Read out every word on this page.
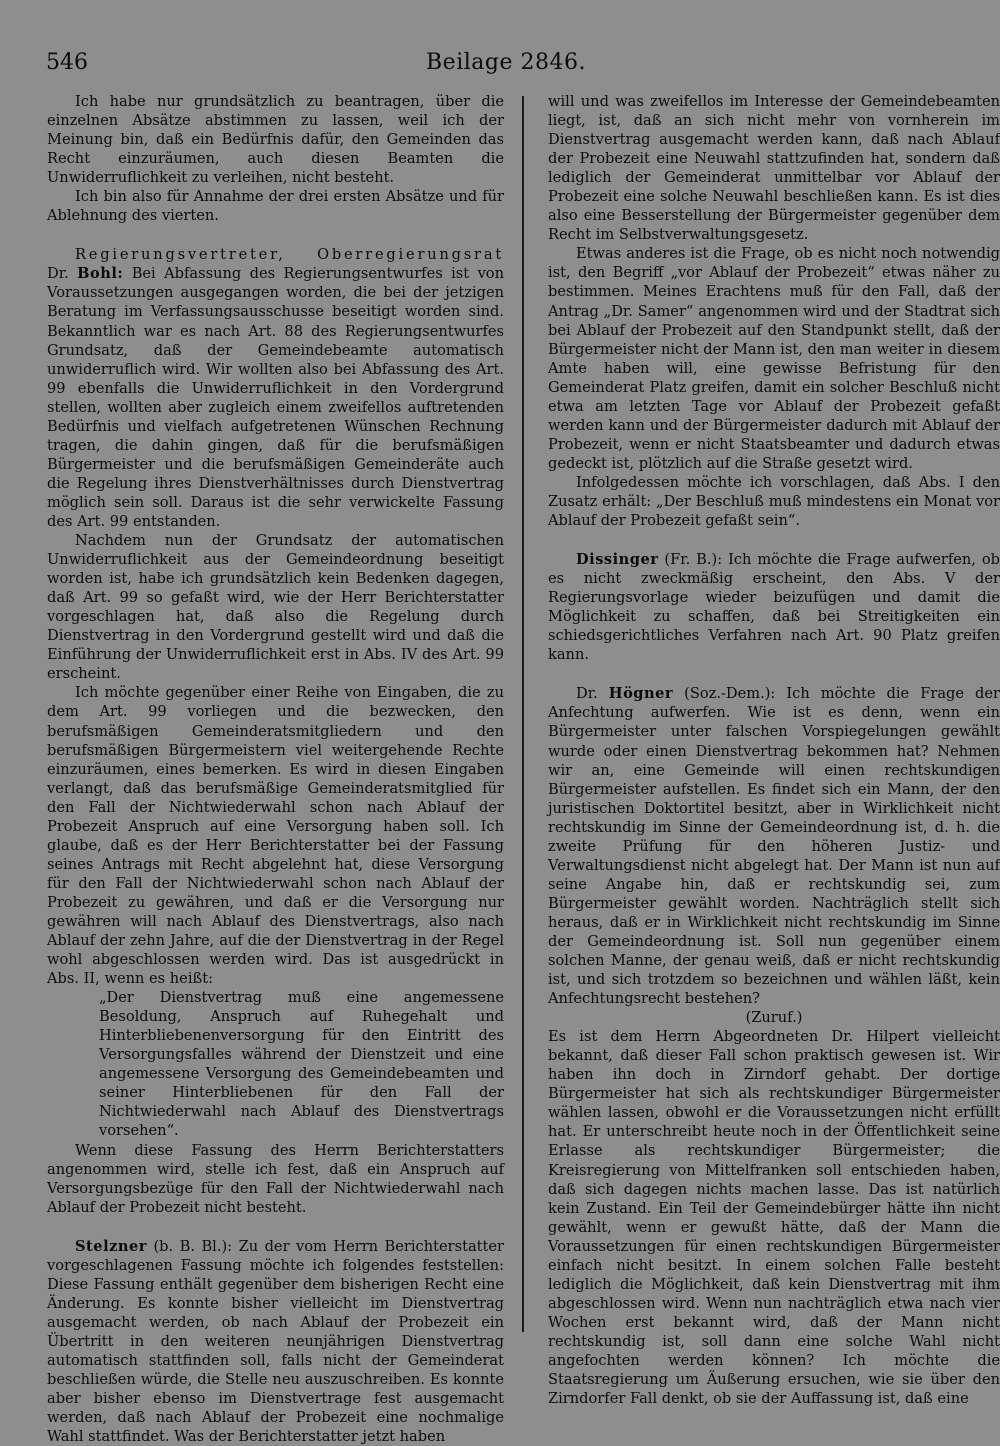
546	Beilage 2846.

Ich habe nur grundsätzlich zu beantragen, über die einzelnen Absätze abstimmen zu lassen, weil ich der Meinung bin, daß ein Bedürfnis dafür, den Gemeinden das Recht einzuräumen, auch diesen Beamten die Unwiderruflichkeit zu verleihen, nicht besteht.

Ich bin also für Annahme der drei ersten Absätze und für Ablehnung des vierten.

Regierungsvertreter, Oberregierungsrat Dr. Bohl: Bei Abfassung des Regierungsentwurfes ist von Voraussetzungen ausgegangen worden, die bei der jetzigen Beratung im Verfassungsausschusse beseitigt worden sind. Bekanntlich war es nach Art. 88 des Regierungsentwurfes Grundsatz, daß der Gemeindebeamte automatisch unwiderruflich wird. Wir wollten also bei Abfassung des Art. 99 ebenfalls die Unwiderruflichkeit in den Vordergrund stellen, wollten aber zugleich einem zweifellos auftretenden Bedürfnis und vielfach aufgetretenen Wünschen Rechnung tragen, die dahin gingen, daß für die berufsmäßigen Bürgermeister und die berufsmäßigen Gemeinderäte auch die Regelung ihres Dienstverhältnisses durch Dienstvertrag möglich sein soll. Daraus ist die sehr verwickelte Fassung des Art. 99 entstanden.

Nachdem nun der Grundsatz der automatischen Unwiderruflichkeit aus der Gemeindeordnung beseitigt worden ist, habe ich grundsätzlich kein Bedenken dagegen, daß Art. 99 so gefaßt wird, wie der Herr Berichterstatter vorgeschlagen hat, daß also die Regelung durch Dienstvertrag in den Vordergrund gestellt wird und daß die Einführung der Unwiderruflichkeit erst in Abs. IV des Art. 99 erscheint.

Ich möchte gegenüber einer Reihe von Eingaben, die zu dem Art. 99 vorliegen und die bezwecken, den berufsmäßigen Gemeinderatsmitgliedern und den berufsmäßigen Bürgermeistern viel weitergehende Rechte einzuräumen, eines bemerken. Es wird in diesen Eingaben verlangt, daß das berufsmäßige Gemeinderatsmitglied für den Fall der Nichtwiederwahl schon nach Ablauf der Probezeit Anspruch auf eine Versorgung haben soll. Ich glaube, daß es der Herr Berichterstatter bei der Fassung seines Antrags mit Recht abgelehnt hat, diese Versorgung für den Fall der Nichtwiederwahl schon nach Ablauf der Probezeit zu gewähren, und daß er die Versorgung nur gewähren will nach Ablauf des Dienstvertrags, also nach Ablauf der zehn Jahre, auf die der Dienstvertrag in der Regel wohl abgeschlossen werden wird. Das ist ausgedrückt in Abs. II, wenn es heißt:

„Der Dienstvertrag muß eine angemessene Besoldung, Anspruch auf Ruhegehalt und Hinterbliebenenversorgung für den Eintritt des Versorgungsfalles während der Dienstzeit und eine angemessene Versorgung des Gemeindebeamten und seiner Hinterbliebenen für den Fall der Nichtwiederwahl nach Ablauf des Dienstvertrags vorsehen“.

Wenn diese Fassung des Herrn Berichterstatters angenommen wird, stelle ich fest, daß ein Anspruch auf Versorgungsbezüge für den Fall der Nichtwiederwahl nach Ablauf der Probezeit nicht besteht.

Stelzner (b. B. Bl.): Zu der vom Herrn Berichterstatter vorgeschlagenen Fassung möchte ich folgendes feststellen: Diese Fassung enthält gegenüber dem bisherigen Recht eine Änderung. Es konnte bisher vielleicht im Dienstvertrag ausgemacht werden, ob nach Ablauf der Probezeit ein Übertritt in den weiteren neunjährigen Dienstvertrag automatisch stattfinden soll, falls nicht der Gemeinderat beschließen würde, die Stelle neu auszuschreiben. Es konnte aber bisher ebenso im Dienstvertrage fest ausgemacht werden, daß nach Ablauf der Probezeit eine nochmalige Wahl stattfindet. Was der Berichterstatter jetzt haben

will und was zweifellos im Interesse der Gemeindebeamten liegt, ist, daß an sich nicht mehr von vornherein im Dienstvertrag ausgemacht werden kann, daß nach Ablauf der Probezeit eine Neuwahl stattzufinden hat, sondern daß lediglich der Gemeinderat unmittelbar vor Ablauf der Probezeit eine solche Neuwahl beschließen kann. Es ist dies also eine Besserstellung der Bürgermeister gegenüber dem Recht im Selbstverwaltungsgesetz.

Etwas anderes ist die Frage, ob es nicht noch notwendig ist, den Begriff „vor Ablauf der Probezeit“ etwas näher zu bestimmen. Meines Erachtens muß für den Fall, daß der Antrag „Dr. Samer“ angenommen wird und der Stadtrat sich bei Ablauf der Probezeit auf den Standpunkt stellt, daß der Bürgermeister nicht der Mann ist, den man weiter in diesem Amte haben will, eine gewisse Befristung für den Gemeinderat Platz greifen, damit ein solcher Beschluß nicht etwa am letzten Tage vor Ablauf der Probezeit gefaßt werden kann und der Bürgermeister dadurch mit Ablauf der Probezeit, wenn er nicht Staatsbeamter und dadurch etwas gedeckt ist, plötzlich auf die Straße gesetzt wird.

Infolgedessen möchte ich vorschlagen, daß Abs. I den Zusatz erhält: „Der Beschluß muß mindestens ein Monat vor Ablauf der Probezeit gefaßt sein“.

Dissinger (Fr. B.): Ich möchte die Frage aufwerfen, ob es nicht zweckmäßig erscheint, den Abs. V der Regierungsvorlage wieder beizufügen und damit die Möglichkeit zu schaffen, daß bei Streitigkeiten ein schiedsgerichtliches Verfahren nach Art. 90 Platz greifen kann.

Dr. Högner (Soz.-Dem.): Ich möchte die Frage der Anfechtung aufwerfen. Wie ist es denn, wenn ein Bürgermeister unter falschen Vorspiegelungen gewählt wurde oder einen Dienstvertrag bekommen hat? Nehmen wir an, eine Gemeinde will einen rechtskundigen Bürgermeister aufstellen. Es findet sich ein Mann, der den juristischen Doktortitel besitzt, aber in Wirklichkeit nicht rechtskundig im Sinne der Gemeindeordnung ist, d. h. die zweite Prüfung für den höheren Justiz- und Verwaltungsdienst nicht abgelegt hat. Der Mann ist nun auf seine Angabe hin, daß er rechtskundig sei, zum Bürgermeister gewählt worden. Nachträglich stellt sich heraus, daß er in Wirklichkeit nicht rechtskundig im Sinne der Gemeindeordnung ist. Soll nun gegenüber einem solchen Manne, der genau weiß, daß er nicht rechtskundig ist, und sich trotzdem so bezeichnen und wählen läßt, kein Anfechtungsrecht bestehen?

(Zuruf.)

Es ist dem Herrn Abgeordneten Dr. Hilpert vielleicht bekannt, daß dieser Fall schon praktisch gewesen ist. Wir haben ihn doch in Zirndorf gehabt. Der dortige Bürgermeister hat sich als rechtskundiger Bürgermeister wählen lassen, obwohl er die Voraussetzungen nicht erfüllt hat. Er unterschreibt heute noch in der Öffentlichkeit seine Erlasse als rechtskundiger Bürgermeister; die Kreisregierung von Mittelfranken soll entschieden haben, daß sich dagegen nichts machen lasse. Das ist natürlich kein Zustand. Ein Teil der Gemeindebürger hätte ihn nicht gewählt, wenn er gewußt hätte, daß der Mann die Voraussetzungen für einen rechtskundigen Bürgermeister einfach nicht besitzt. In einem solchen Falle besteht lediglich die Möglichkeit, daß kein Dienstvertrag mit ihm abgeschlossen wird. Wenn nun nachträglich etwa nach vier Wochen erst bekannt wird, daß der Mann nicht rechtskundig ist, soll dann eine solche Wahl nicht angefochten werden können? Ich möchte die Staatsregierung um Äußerung ersuchen, wie sie über den Zirndorfer Fall denkt, ob sie der Auffassung ist, daß eine
